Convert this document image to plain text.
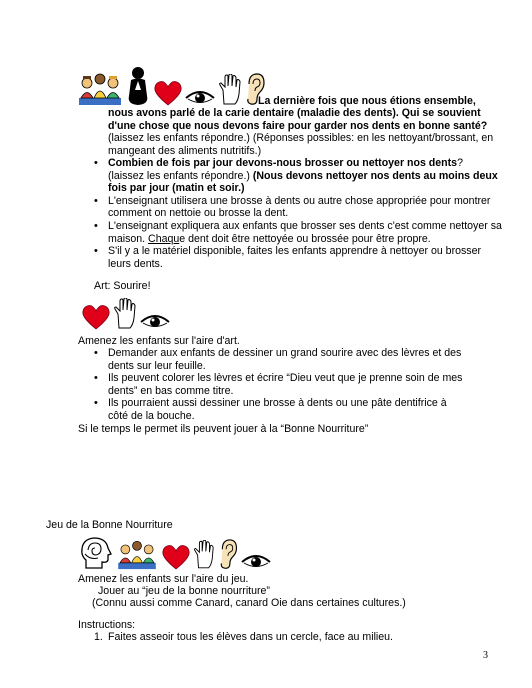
La dernière fois que nous étions ensemble,
nous avons parlé de la carie dentaire (maladie des dents). Qui se souvient d'une chose que nous devons faire pour garder nos dents en bonne santé? (laissez les enfants répondre.) (Réponses possibles: en les nettoyant/brossant, en mangeant des aliments nutritifs.)
• Combien de fois par jour devons-nous brosser ou nettoyer nos dents?
(laissez les enfants répondre.) (Nous devons nettoyer nos dents au moins deux fois par jour (matin et soir.)
• L'enseignant utilisera une brosse à dents ou autre chose appropriée pour montrer comment on nettoie ou brosse la dent.
• L'enseignant expliquera aux enfants que brosser ses dents c'est comme nettoyer sa maison. Chaque dent doit être nettoyée ou brossée pour être propre.
• S'il y a le matériel disponible, faites les enfants apprendre à nettoyer ou brosser leurs dents.
Art: Sourire!
Amenez les enfants sur l'aire d'art.
• Demander aux enfants de dessiner un grand sourire avec des lèvres et des dents sur leur feuille.
• Ils peuvent colorer les lèvres et écrire “Dieu veut que je prenne soin de mes dents” en bas comme titre.
• Ils pourraient aussi dessiner une brosse à dents ou une pâte dentifrice à côté de la bouche.
Si le temps le permet ils peuvent jouer à la “Bonne Nourriture”
Jeu de la Bonne Nourriture
Amenez les enfants sur l'aire du jeu.
Jouer au “jeu de la bonne nourriture”
(Connu aussi comme Canard, canard Oie dans certaines cultures.)
Instructions:
1. Faites asseoir tous les élèves dans un cercle, face au milieu.
3
